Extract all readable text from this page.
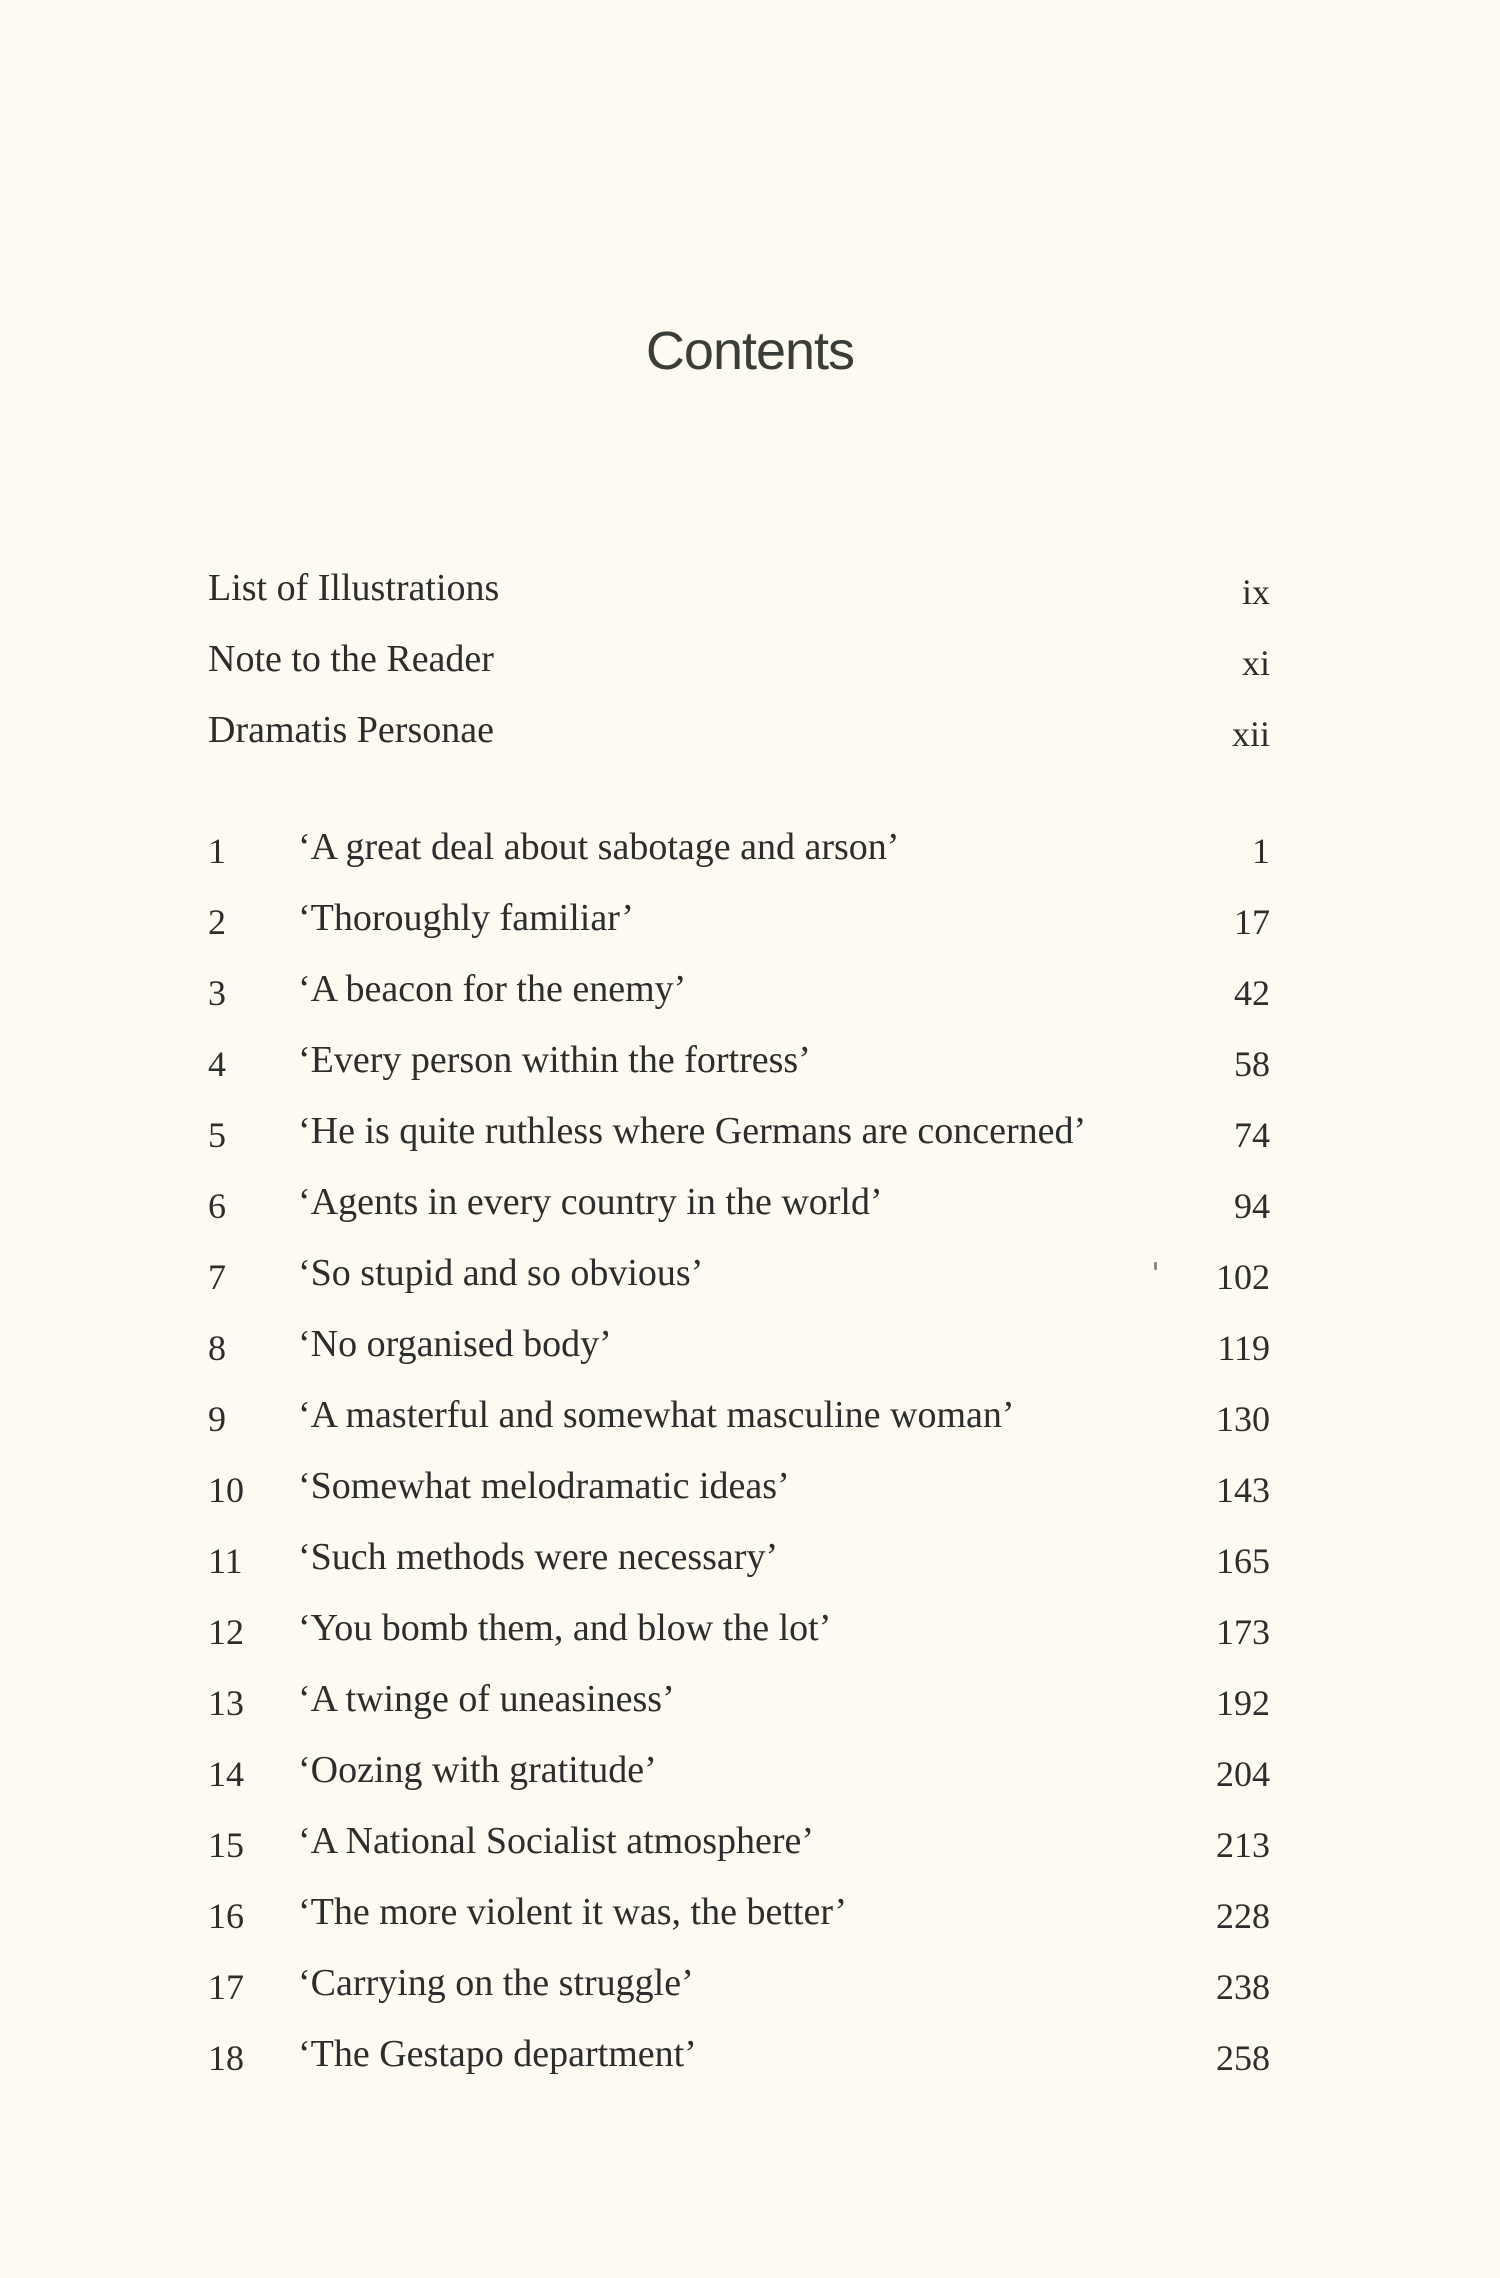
Contents
List of Illustrations	ix
Note to the Reader	xi
Dramatis Personae	xii
1 ‘A great deal about sabotage and arson’	1
2 ‘Thoroughly familiar’	17
3 ‘A beacon for the enemy’	42
4 ‘Every person within the fortress’	58
5 ‘He is quite ruthless where Germans are concerned’	74
6 ‘Agents in every country in the world’	94
7 ‘So stupid and so obvious’	102
8 ‘No organised body’	119
9 ‘A masterful and somewhat masculine woman’	130
10 ‘Somewhat melodramatic ideas’	143
11 ‘Such methods were necessary’	165
12 ‘You bomb them, and blow the lot’	173
13 ‘A twinge of uneasiness’	192
14 ‘Oozing with gratitude’	204
15 ‘A National Socialist atmosphere’	213
16 ‘The more violent it was, the better’	228
17 ‘Carrying on the struggle’	238
18 ‘The Gestapo department’	258
